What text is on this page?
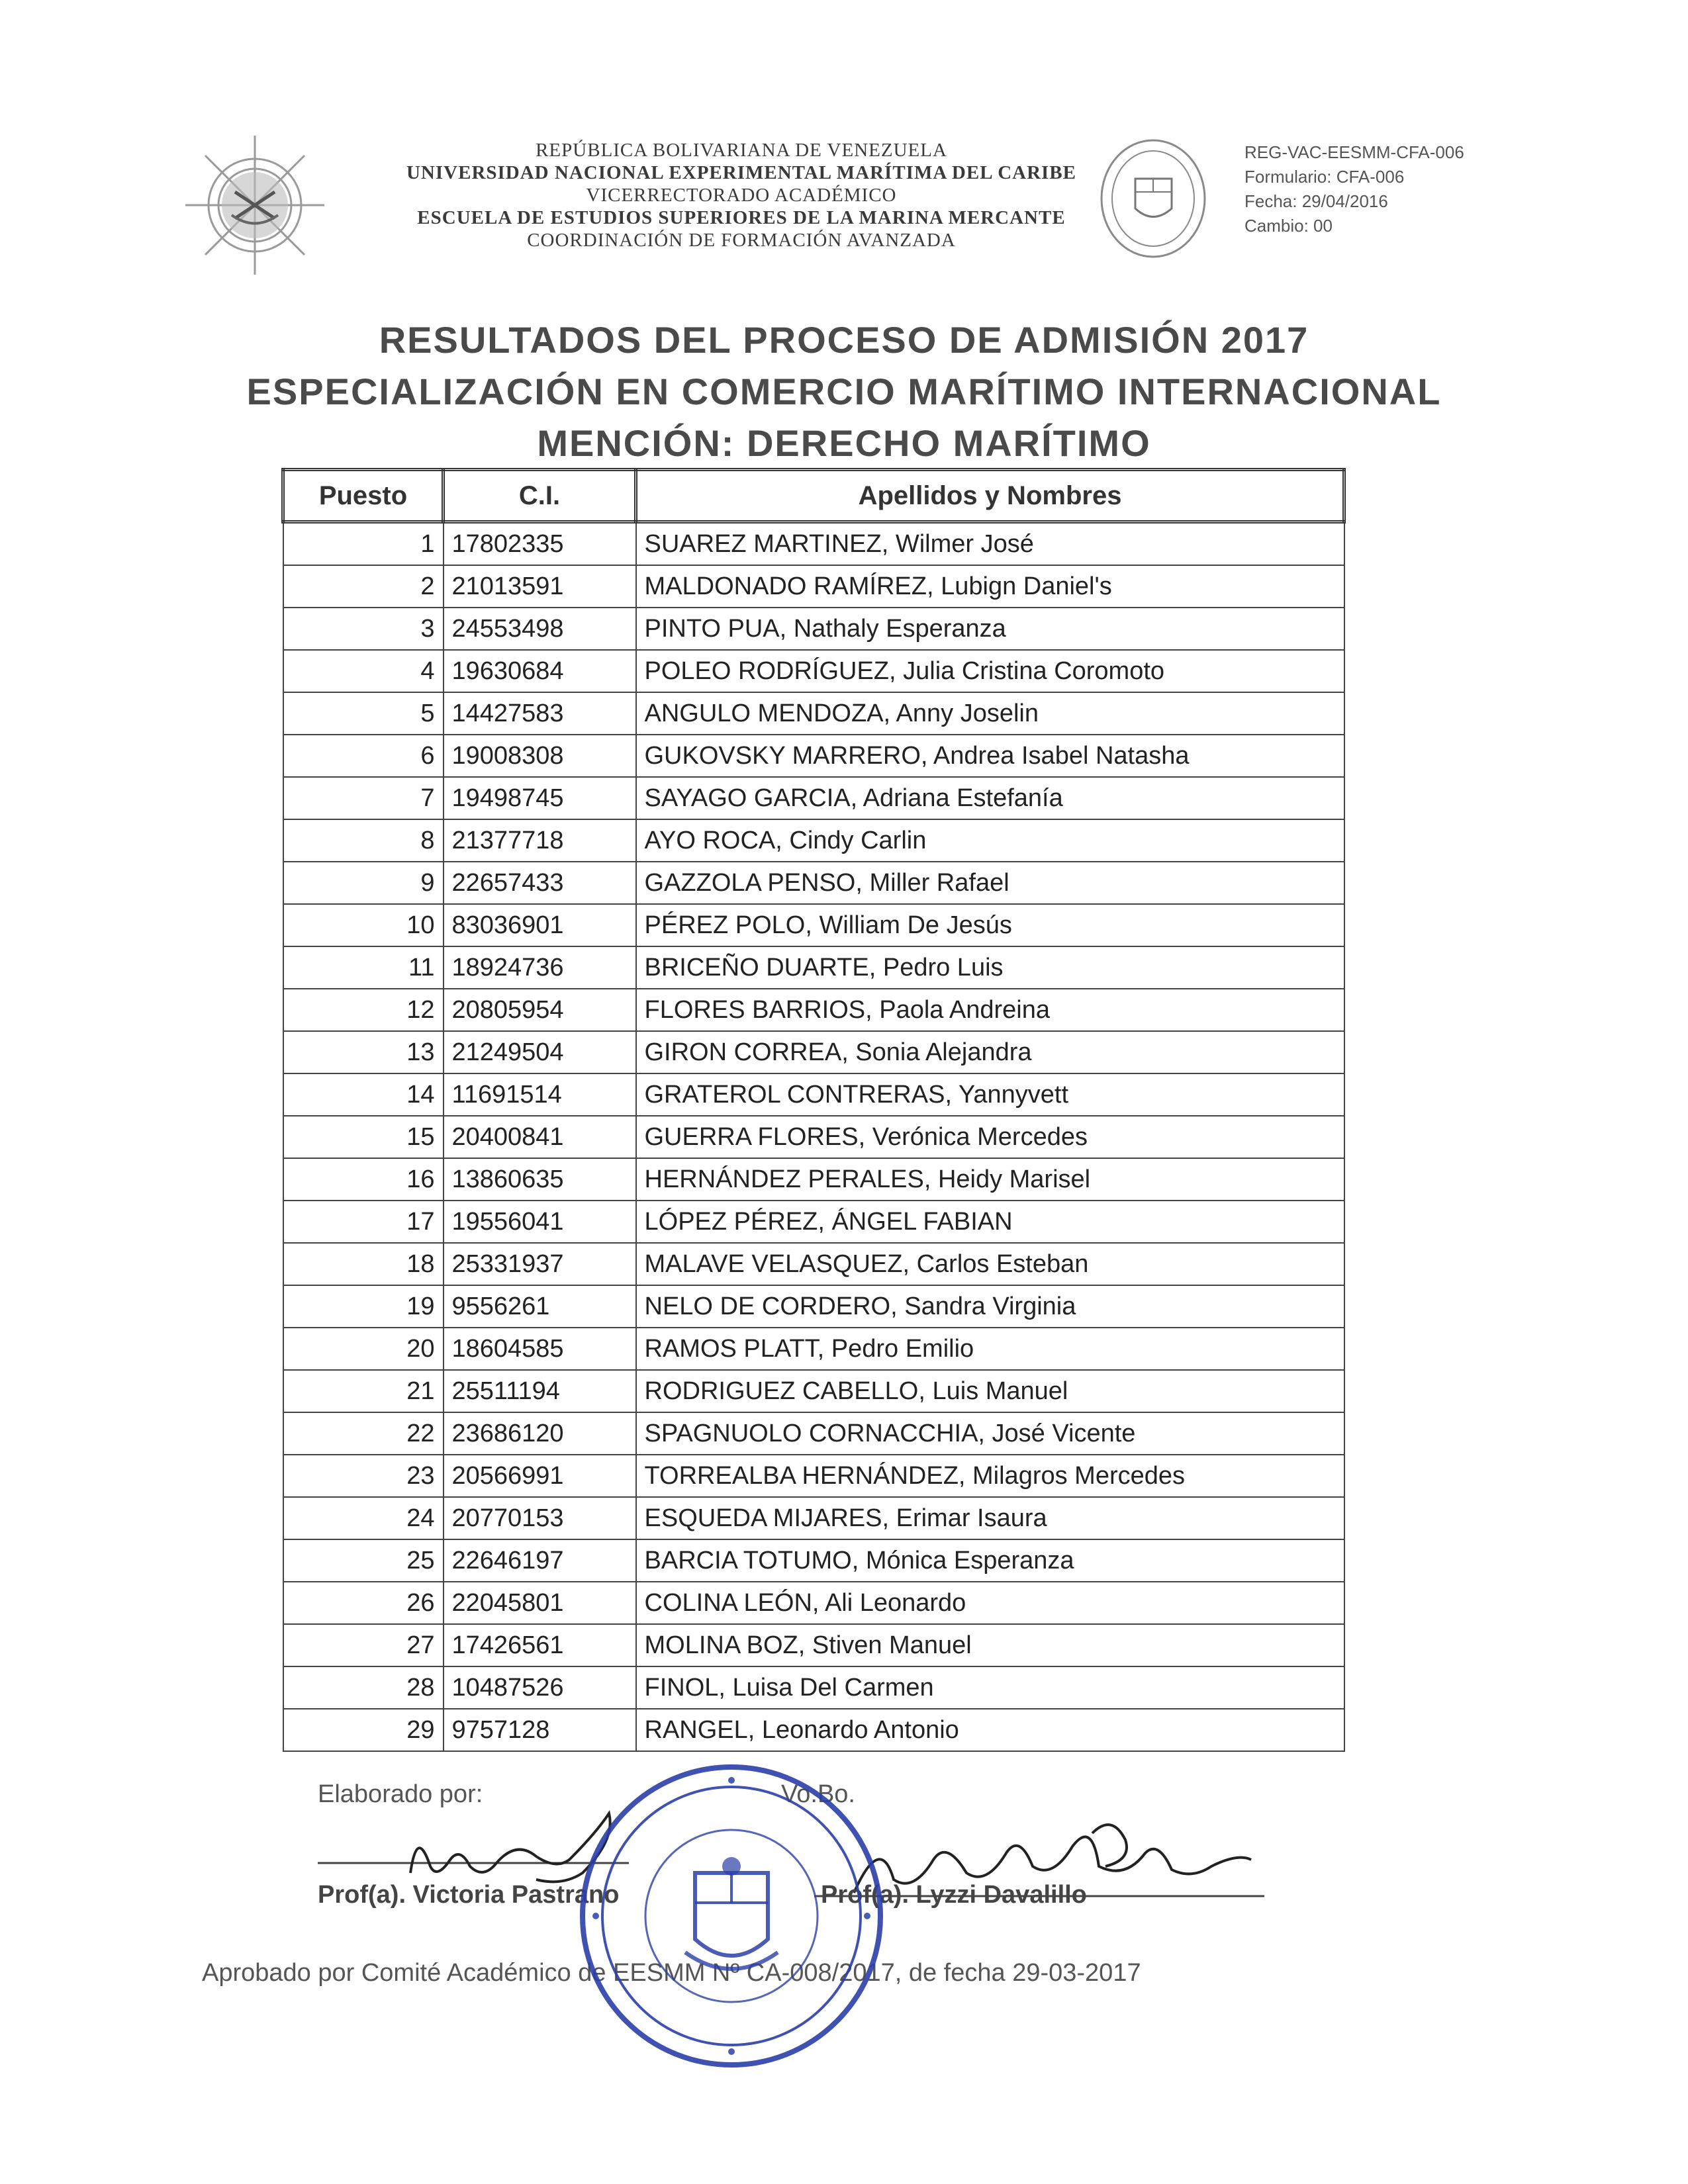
REPÚBLICA BOLIVARIANA DE VENEZUELA
UNIVERSIDAD NACIONAL EXPERIMENTAL MARÍTIMA DEL CARIBE
VICERRECTORADO ACADÉMICO
ESCUELA DE ESTUDIOS SUPERIORES DE LA MARINA MERCANTE
COORDINACIÓN DE FORMACIÓN AVANZADA
REG-VAC-EESMM-CFA-006
Formulario: CFA-006
Fecha: 29/04/2016
Cambio: 00
RESULTADOS DEL PROCESO DE ADMISIÓN 2017
ESPECIALIZACIÓN EN COMERCIO MARÍTIMO INTERNACIONAL
MENCIÓN: DERECHO MARÍTIMO
Puesto	C.I.	Apellidos y Nombres
1	17802335	SUAREZ MARTINEZ, Wilmer José
2	21013591	MALDONADO RAMÍREZ, Lubign Daniel's
3	24553498	PINTO PUA, Nathaly Esperanza
4	19630684	POLEO RODRÍGUEZ, Julia Cristina Coromoto
5	14427583	ANGULO MENDOZA, Anny Joselin
6	19008308	GUKOVSKY MARRERO, Andrea Isabel Natasha
7	19498745	SAYAGO GARCIA, Adriana Estefanía
8	21377718	AYO ROCA, Cindy Carlin
9	22657433	GAZZOLA PENSO, Miller Rafael
10	83036901	PÉREZ POLO, William De Jesús
11	18924736	BRICEÑO DUARTE, Pedro Luis
12	20805954	FLORES BARRIOS, Paola Andreina
13	21249504	GIRON CORREA, Sonia Alejandra
14	11691514	GRATEROL CONTRERAS, Yannyvett
15	20400841	GUERRA FLORES, Verónica Mercedes
16	13860635	HERNÁNDEZ PERALES, Heidy Marisel
17	19556041	LÓPEZ PÉREZ, ÁNGEL FABIAN
18	25331937	MALAVE VELASQUEZ, Carlos Esteban
19	9556261	NELO DE CORDERO, Sandra Virginia
20	18604585	RAMOS PLATT, Pedro Emilio
21	25511194	RODRIGUEZ CABELLO, Luis Manuel
22	23686120	SPAGNUOLO CORNACCHIA, José Vicente
23	20566991	TORREALBA HERNÁNDEZ, Milagros Mercedes
24	20770153	ESQUEDA MIJARES, Erimar Isaura
25	22646197	BARCIA TOTUMO, Mónica Esperanza
26	22045801	COLINA LEÓN, Ali Leonardo
27	17426561	MOLINA BOZ, Stiven Manuel
28	10487526	FINOL, Luisa Del Carmen
29	9757128	RANGEL, Leonardo Antonio
Elaborado por:	Vo.Bo.
Prof(a). Victoria Pastrano	Prof(a). Lyzzi Davalillo
Aprobado por Comité Académico de EESMM Nº CA-008/2017, de fecha 29-03-2017
